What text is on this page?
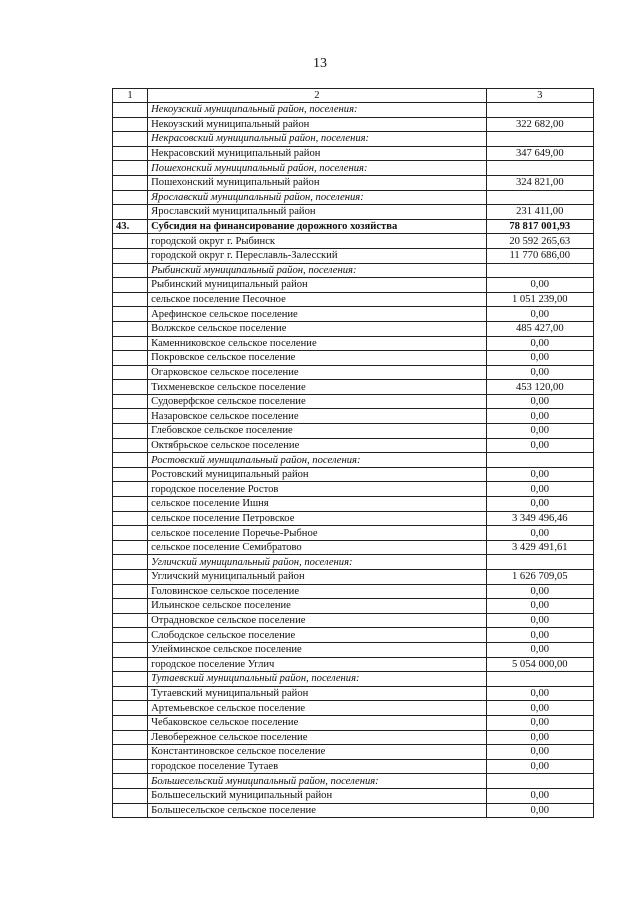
13
1	2	3
	Некоузский муниципальный район, поселения:	
	Некоузский муниципальный район	322 682,00
	Некрасовский муниципальный район, поселения:	
	Некрасовский муниципальный район	347 649,00
	Пошехонский муниципальный район, поселения:	
	Пошехонский муниципальный район	324 821,00
	Ярославский муниципальный район, поселения:	
	Ярославский муниципальный район	231 411,00
43.	Субсидия на финансирование дорожного хозяйства	78 817 001,93
	городской округ г. Рыбинск	20 592 265,63
	городской округ г. Переславль-Залесский	11 770 686,00
	Рыбинский муниципальный район, поселения:	
	Рыбинский муниципальный район	0,00
	сельское поселение Песочное	1 051 239,00
	Арефинское сельское поселение	0,00
	Волжское сельское поселение	485 427,00
	Каменниковское сельское поселение	0,00
	Покровское сельское поселение	0,00
	Огарковское сельское поселение	0,00
	Тихменевское сельское поселение	453 120,00
	Судоверфское сельское поселение	0,00
	Назаровское сельское поселение	0,00
	Глебовское сельское поселение	0,00
	Октябрьское сельское поселение	0,00
	Ростовский муниципальный район, поселения:	
	Ростовский муниципальный район	0,00
	городское поселение Ростов	0,00
	сельское поселение Ишня	0,00
	сельское поселение Петровское	3 349 496,46
	сельское поселение Поречье-Рыбное	0,00
	сельское поселение Семибратово	3 429 491,61
	Угличский муниципальный район, поселения:	
	Угличский муниципальный район	1 626 709,05
	Головинское сельское поселение	0,00
	Ильинское сельское поселение	0,00
	Отрадновское сельское поселение	0,00
	Слободское сельское поселение	0,00
	Улейминское сельское поселение	0,00
	городское поселение Углич	5 054 000,00
	Тутаевский муниципальный район, поселения:	
	Тутаевский муниципальный район	0,00
	Артемьевское сельское поселение	0,00
	Чебаковское сельское поселение	0,00
	Левобережное сельское поселение	0,00
	Константиновское сельское поселение	0,00
	городское поселение Тутаев	0,00
	Большесельский муниципальный район, поселения:	
	Большесельский муниципальный район	0,00
	Большесельское сельское поселение	0,00
